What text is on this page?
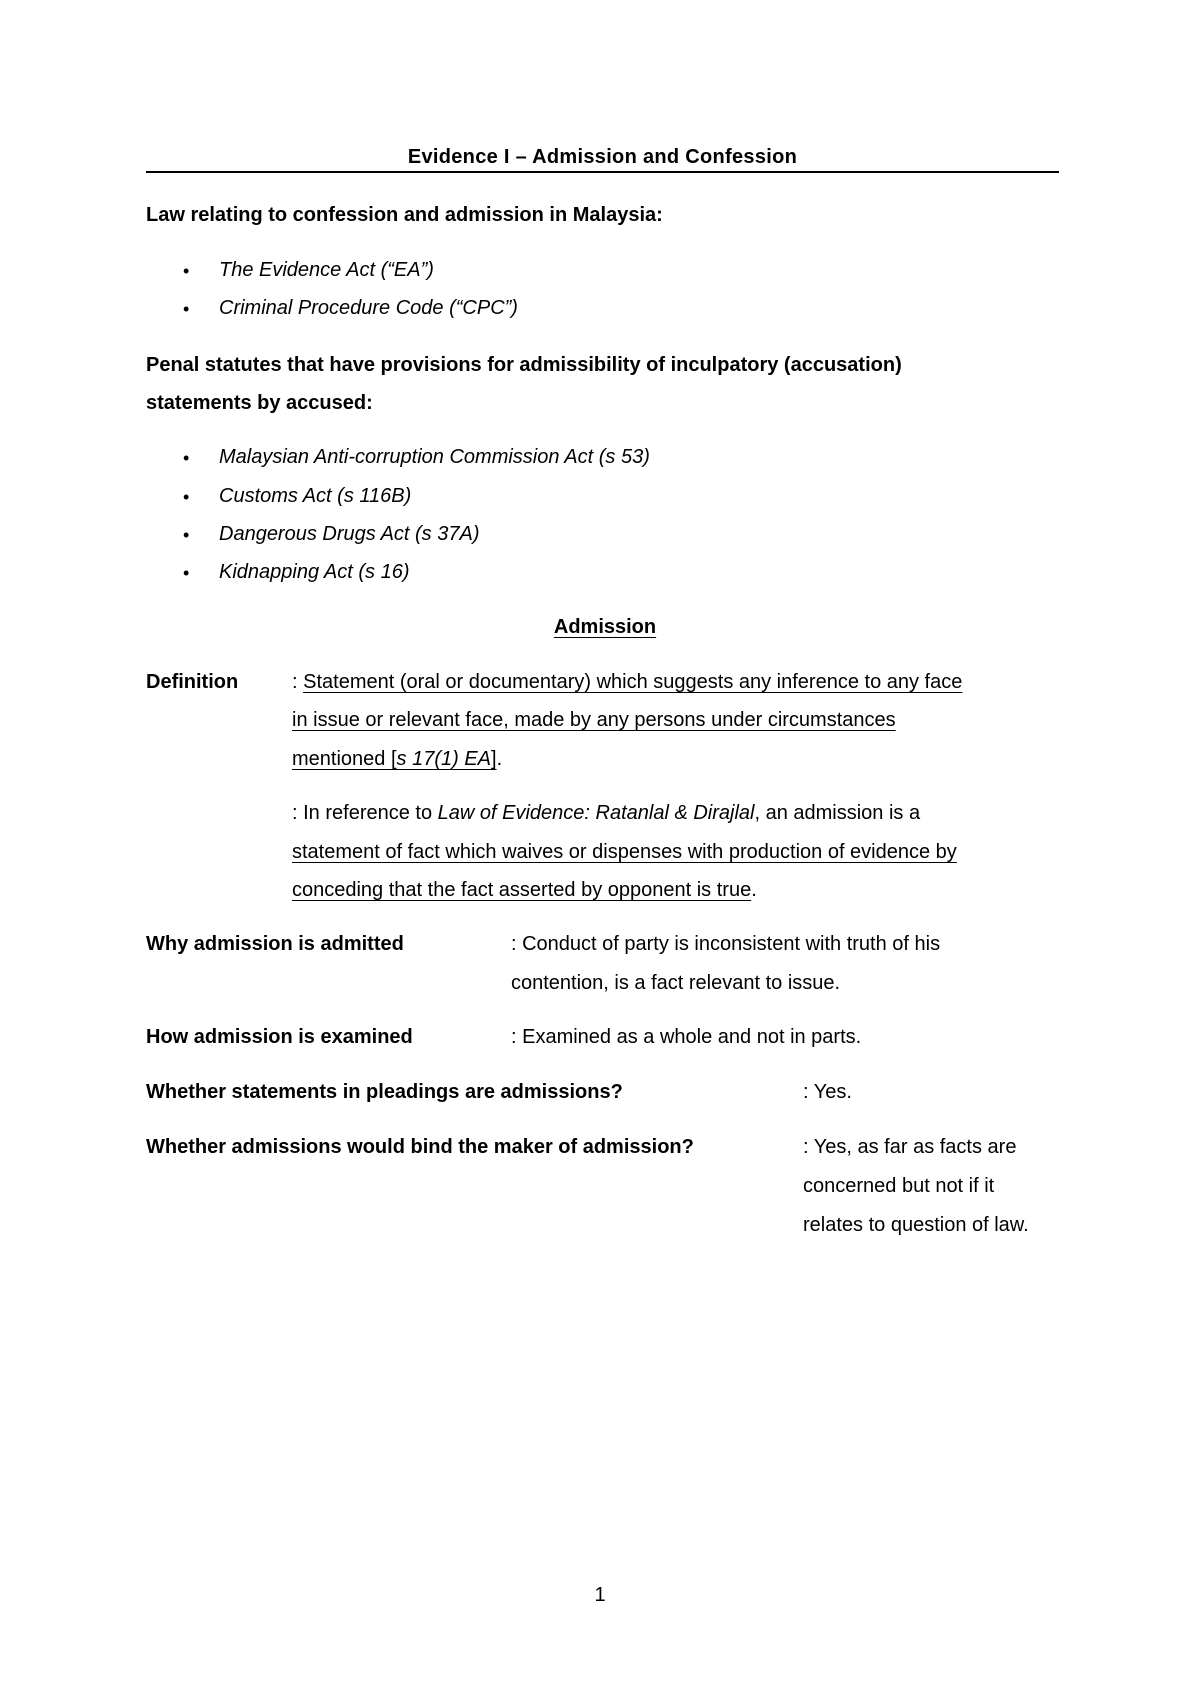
Evidence I – Admission and Confession
Law relating to confession and admission in Malaysia:
• The Evidence Act (“EA”)
• Criminal Procedure Code (“CPC”)
Penal statutes that have provisions for admissibility of inculpatory (accusation)
statements by accused:
• Malaysian Anti-corruption Commission Act (s 53)
• Customs Act (s 116B)
• Dangerous Drugs Act (s 37A)
• Kidnapping Act (s 16)
Admission
Definition	: Statement (oral or documentary) which suggests any inference to any face
in issue or relevant face, made by any persons under circumstances
mentioned [s 17(1) EA].
: In reference to Law of Evidence: Ratanlal & Dirajlal, an admission is a
statement of fact which waives or dispenses with production of evidence by
conceding that the fact asserted by opponent is true.
Why admission is admitted	: Conduct of party is inconsistent with truth of his
contention, is a fact relevant to issue.
How admission is examined	: Examined as a whole and not in parts.
Whether statements in pleadings are admissions?	: Yes.
Whether admissions would bind the maker of admission?	: Yes, as far as facts are
concerned but not if it
relates to question of law.
1
